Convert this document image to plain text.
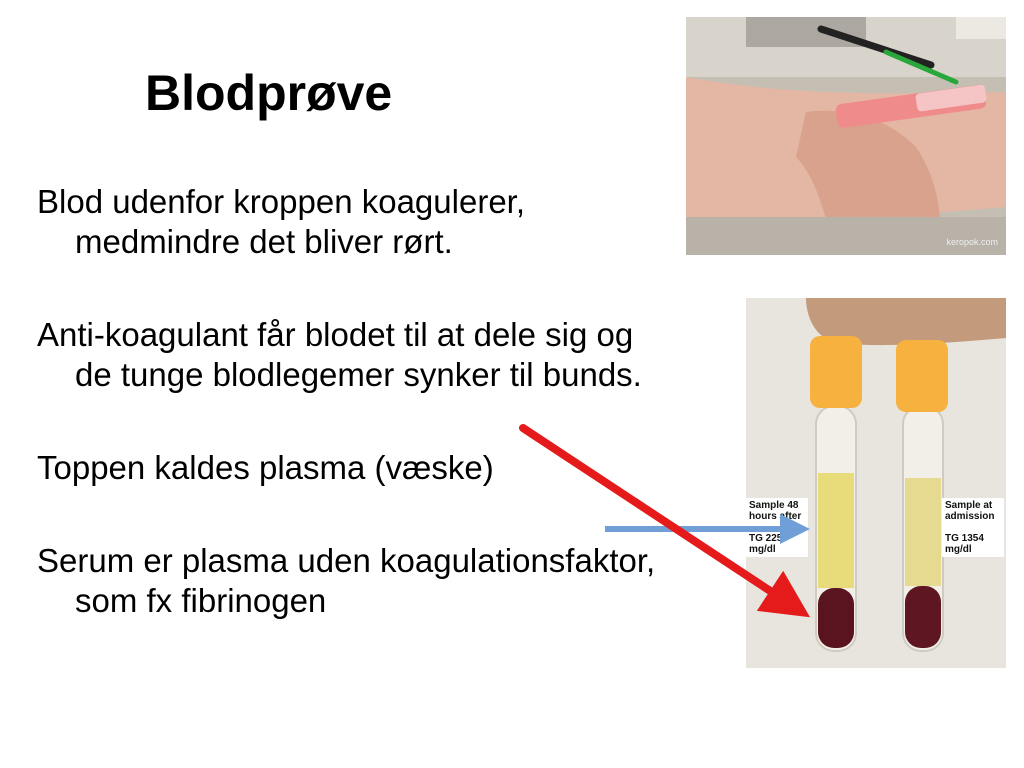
Blodprøve

Blod udenfor kroppen koagulerer, medmindre det bliver rørt.

Anti-koagulant får blodet til at dele sig og de tunge blodlegemer synker til bunds.

Toppen kaldes plasma (væske)

Serum er plasma uden koagulationsfaktor, som fx fibrinogen

keropok.com
Sample 48
hours after

TG 225
mg/dl
Sample at
admission

TG 1354
mg/dl
